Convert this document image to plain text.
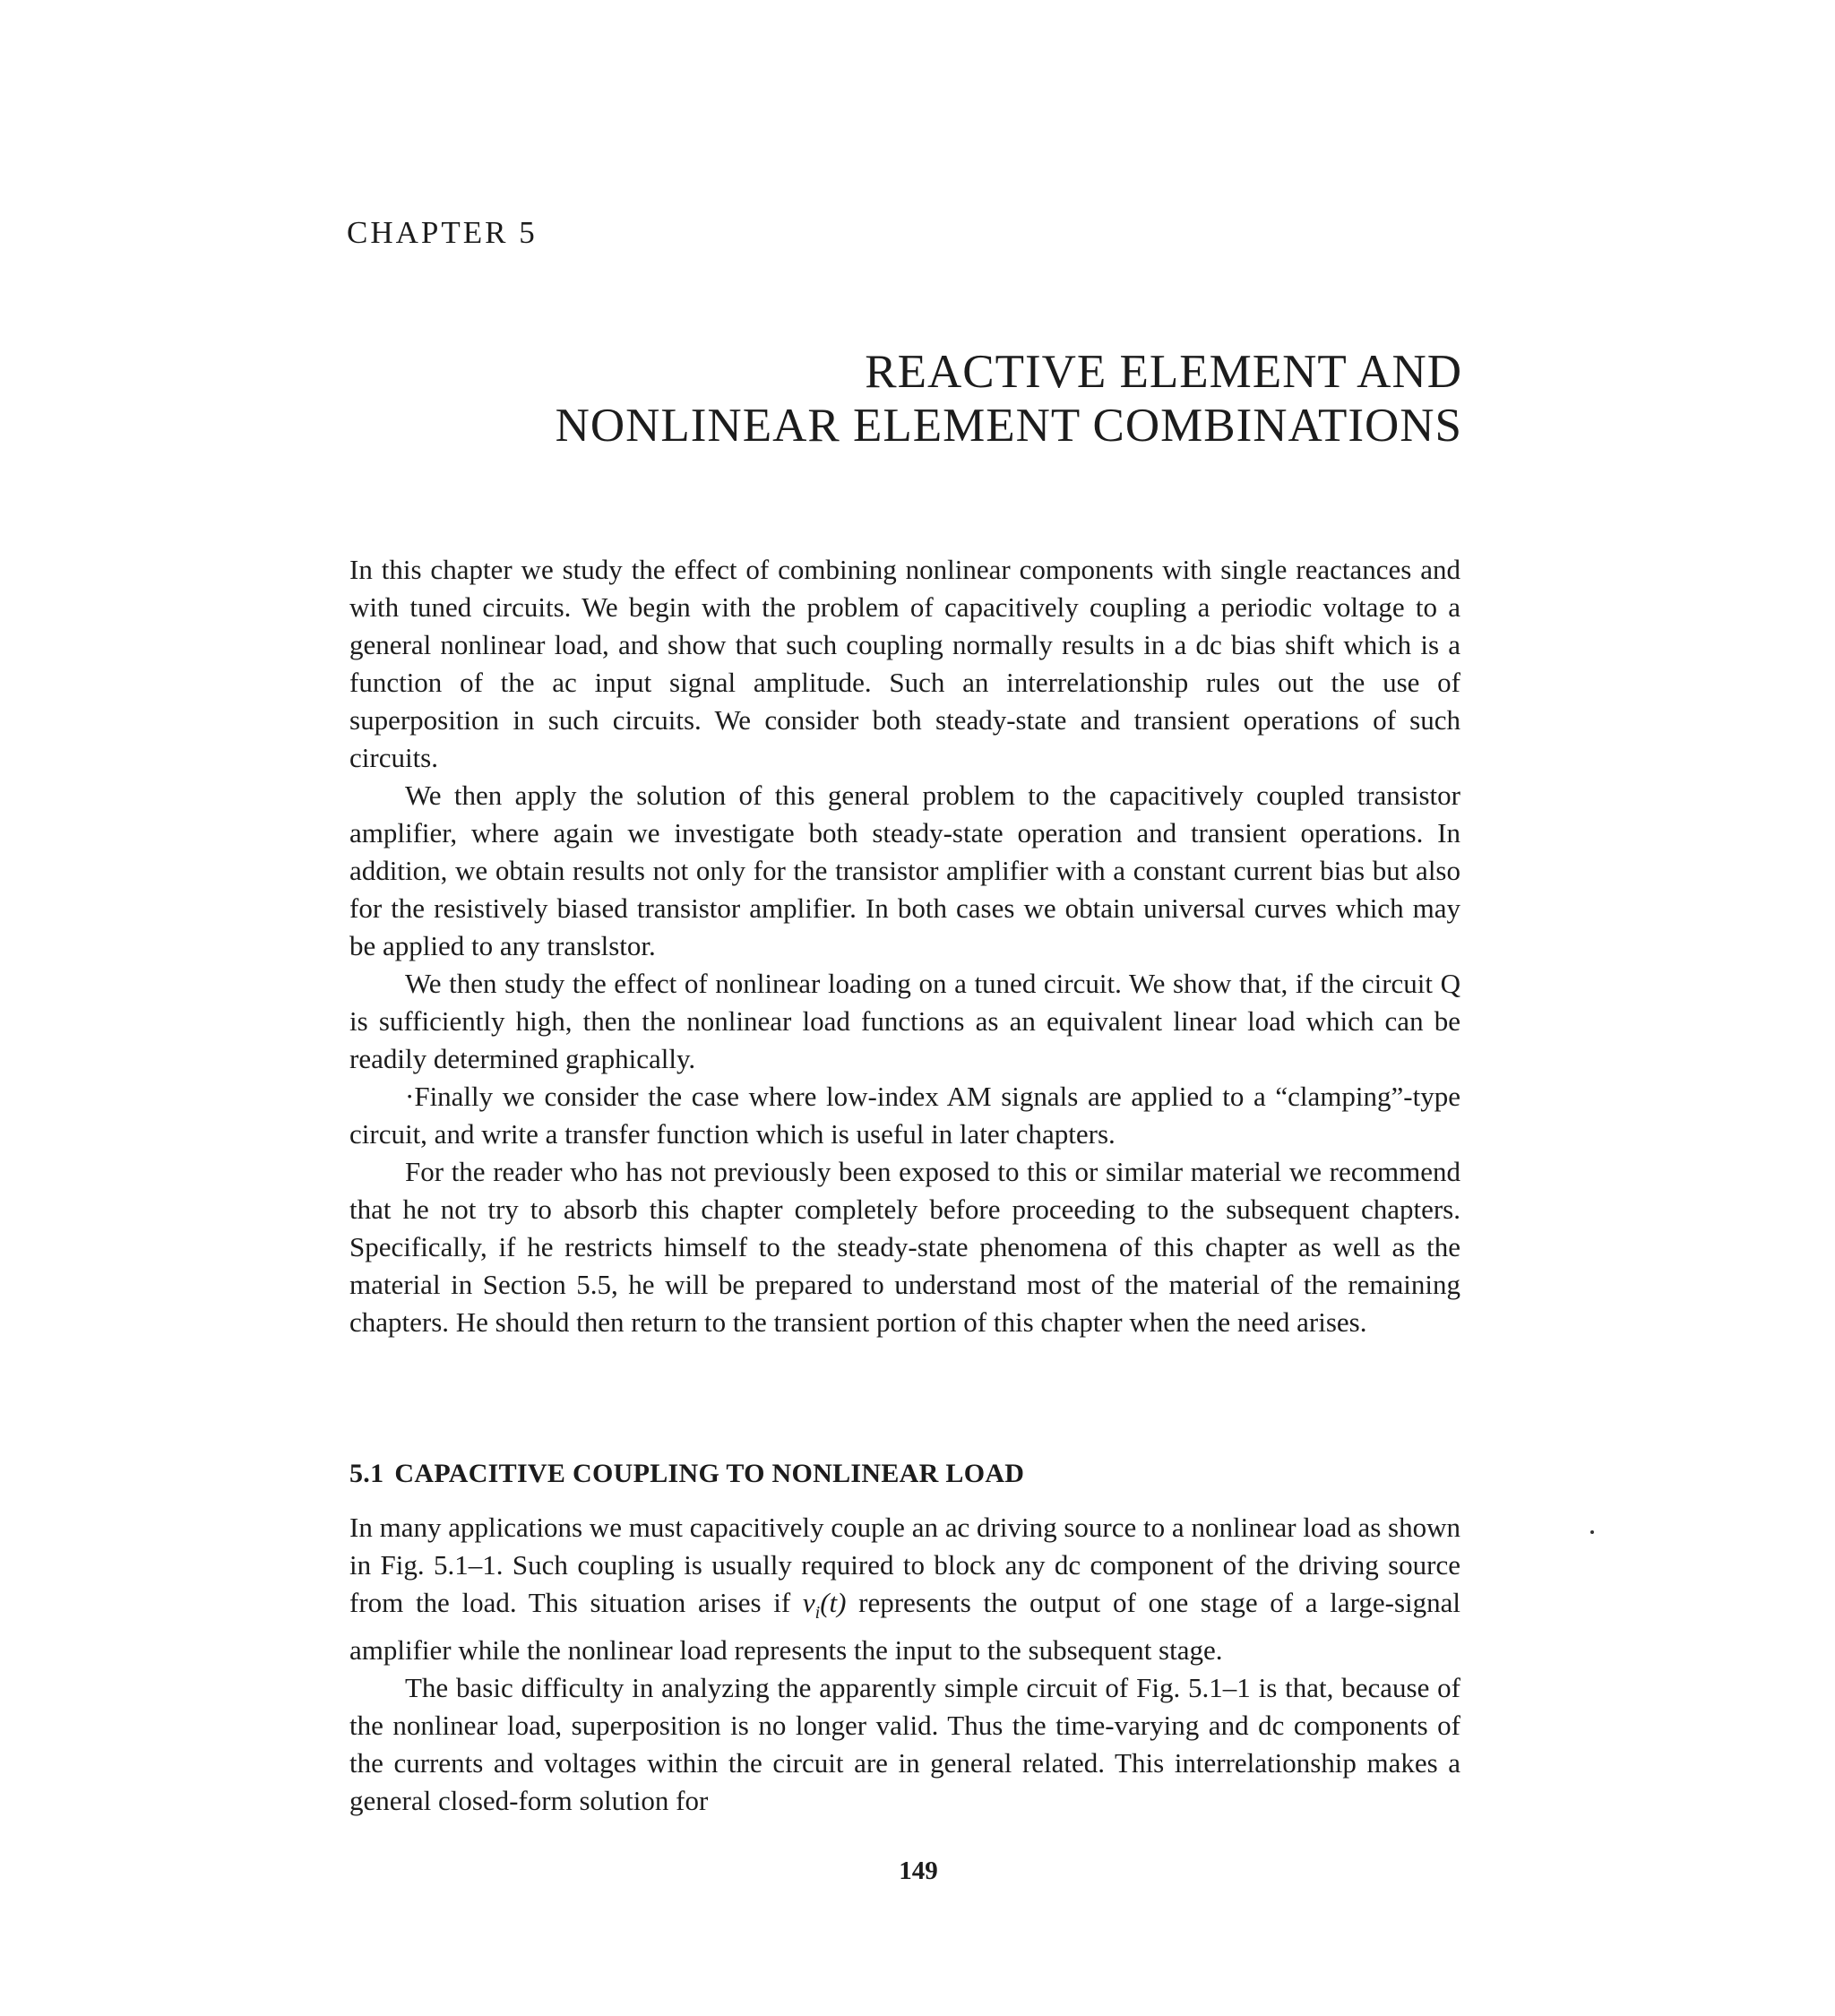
CHAPTER 5
REACTIVE ELEMENT AND
NONLINEAR ELEMENT COMBINATIONS

In this chapter we study the effect of combining nonlinear components with single reactances and with tuned circuits. We begin with the problem of capacitively coupling a periodic voltage to a general nonlinear load, and show that such coupling normally results in a dc bias shift which is a function of the ac input signal amplitude. Such an interrelationship rules out the use of superposition in such circuits. We consider both steady-state and transient operations of such circuits.

We then apply the solution of this general problem to the capacitively coupled transistor amplifier, where again we investigate both steady-state operation and transient operations. In addition, we obtain results not only for the transistor amplifier with a constant current bias but also for the resistively biased transistor amplifier. In both cases we obtain universal curves which may be applied to any translstor.

We then study the effect of nonlinear loading on a tuned circuit. We show that, if the circuit Q is sufficiently high, then the nonlinear load functions as an equivalent linear load which can be readily determined graphically.

·Finally we consider the case where low-index AM signals are applied to a “clamping”-type circuit, and write a transfer function which is useful in later chapters.

For the reader who has not previously been exposed to this or similar material we recommend that he not try to absorb this chapter completely before proceeding to the subsequent chapters. Specifically, if he restricts himself to the steady-state phenomena of this chapter as well as the material in Section 5.5, he will be prepared to understand most of the material of the remaining chapters. He should then return to the transient portion of this chapter when the need arises.

5.1 CAPACITIVE COUPLING TO NONLINEAR LOAD

In many applications we must capacitively couple an ac driving source to a nonlinear load as shown in Fig. 5.1–1. Such coupling is usually required to block any dc component of the driving source from the load. This situation arises if $v_i(t)$ represents the output of one stage of a large-signal amplifier while the nonlinear load represents the input to the subsequent stage.

The basic difficulty in analyzing the apparently simple circuit of Fig. 5.1–1 is that, because of the nonlinear load, superposition is no longer valid. Thus the time-varying and dc components of the currents and voltages within the circuit are in general related. This interrelationship makes a general closed-form solution for

149
